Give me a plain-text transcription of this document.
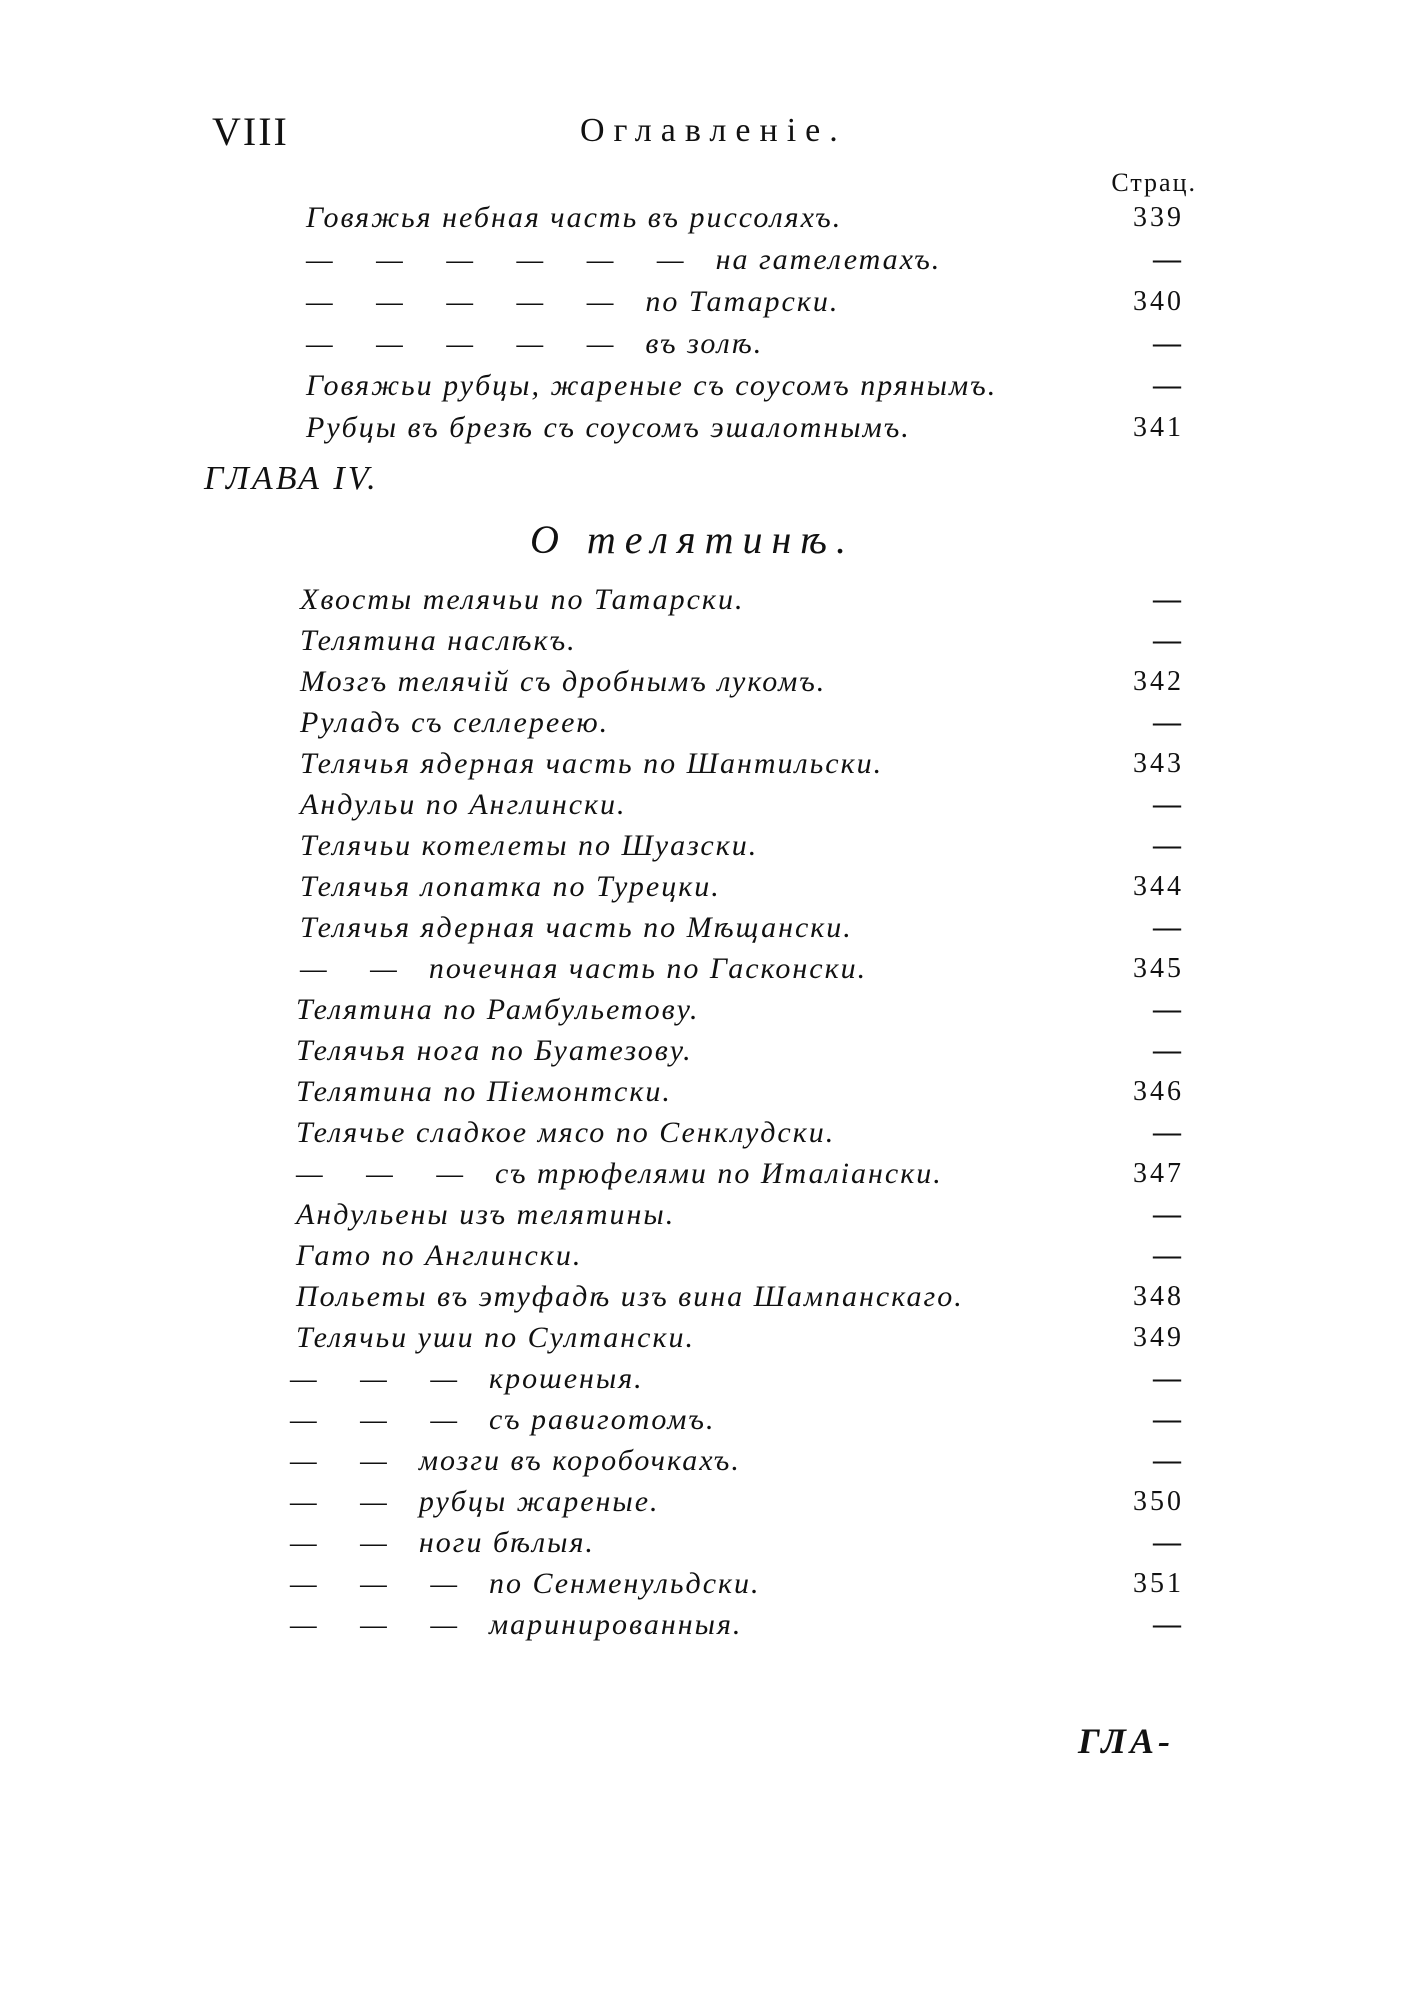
VIII	Оглавленіе.
Страц.
Говяжья небная часть въ риссоляхъ.	339
— — — — — — на гателетахъ.	—
— — — — — по Татарски.	340
— — — — — въ золѣ.	—
Говяжьи рубцы, жареные съ соусомъ прянымъ.	—
Рубцы въ брезѣ съ соусомъ эшалотнымъ.	341
ГЛАВА IV.
О телятинѣ.
Хвосты телячьи по Татарски.	—
Телятина наслѣкъ.	—
Мозгъ телячій съ дробнымъ лукомъ.	342
Руладъ съ селлереею.	—
Телячья ядерная часть по Шантильски.	343
Андульи по Англински.	—
Телячьи котелеты по Шуазски.	—
Телячья лопатка по Турецки.	344
Телячья ядерная часть по Мѣщански.	—
— — почечная часть по Гасконски.	345
Телятина по Рамбульетову.	—
Телячья нога по Буатезову.	—
Телятина по Піемонтски.	346
Телячье сладкое мясо по Сенклудски.	—
— — — съ трюфелями по Италіански.	347
Андульены изъ телятины.	—
Гато по Англински.	—
Польеты въ этуфадѣ изъ вина Шампанскаго.	348
Телячьи уши по Султански.	349
— — — крошеныя.	—
— — — съ равиготомъ.	—
— — мозги въ коробочкахъ.	—
— — рубцы жареные.	350
— — ноги бѣлыя.	—
— — — по Сенменульдски.	351
— — — маринированныя.	—
ГЛА-
